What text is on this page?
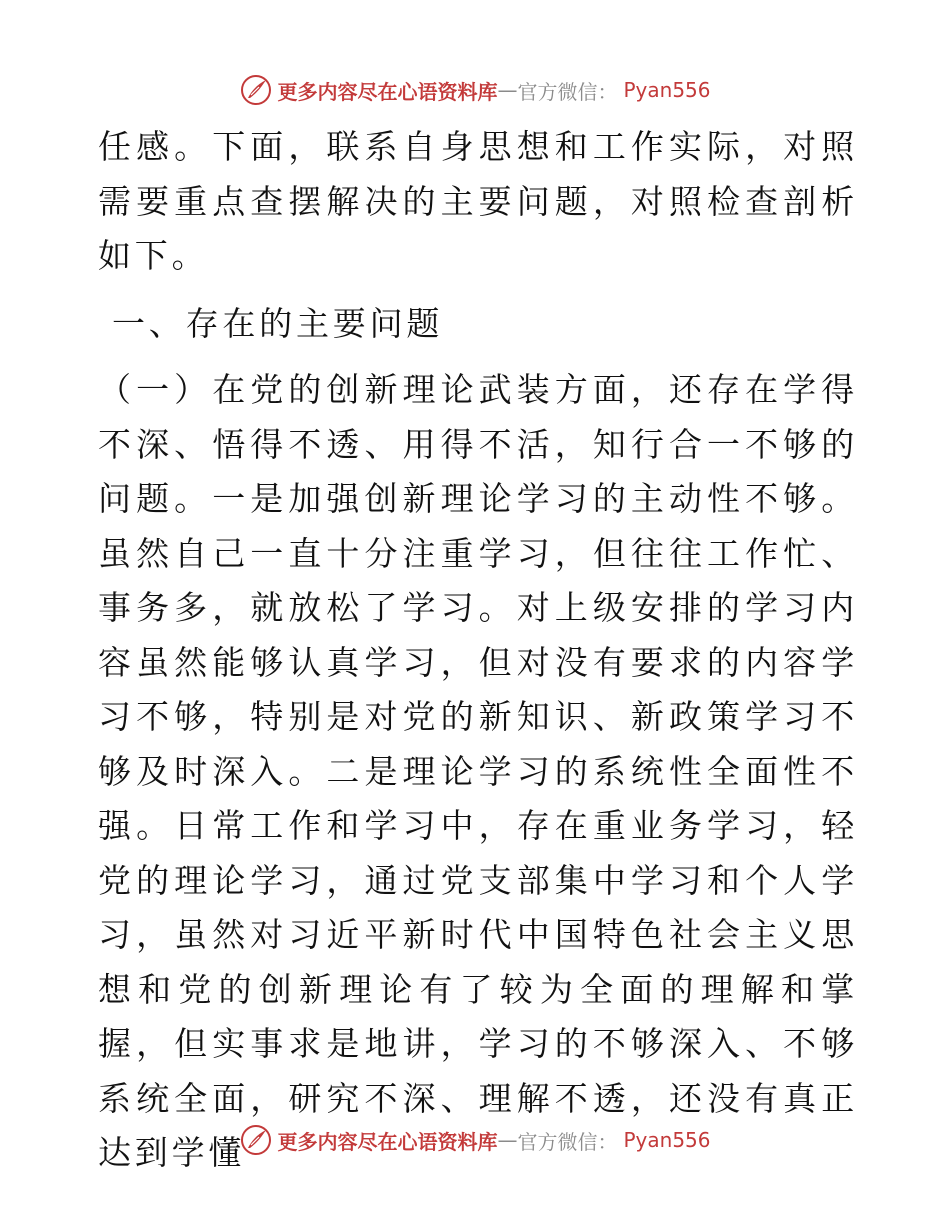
更多内容尽在心语资料库 — 官方微信： Pyan556

任感。下面，联系自身思想和工作实际，对照需要重点查摆解决的主要问题，对照检查剖析如下。

一、存在的主要问题

（一）在党的创新理论武装方面，还存在学得不深、悟得不透、用得不活，知行合一不够的问题。一是加强创新理论学习的主动性不够。虽然自己一直十分注重学习，但往往工作忙、事务多，就放松了学习。对上级安排的学习内容虽然能够认真学习，但对没有要求的内容学习不够，特别是对党的新知识、新政策学习不够及时深入。二是理论学习的系统性全面性不强。日常工作和学习中，存在重业务学习，轻党的理论学习，通过党支部集中学习和个人学习，虽然对习近平新时代中国特色社会主义思想和党的创新理论有了较为全面的理解和掌握，但实事求是地讲，学习的不够深入、不够系统全面，研究不深、理解不透，还没有真正达到学懂	更多内容尽在心语资料库 — 官方微信： Pyan556
